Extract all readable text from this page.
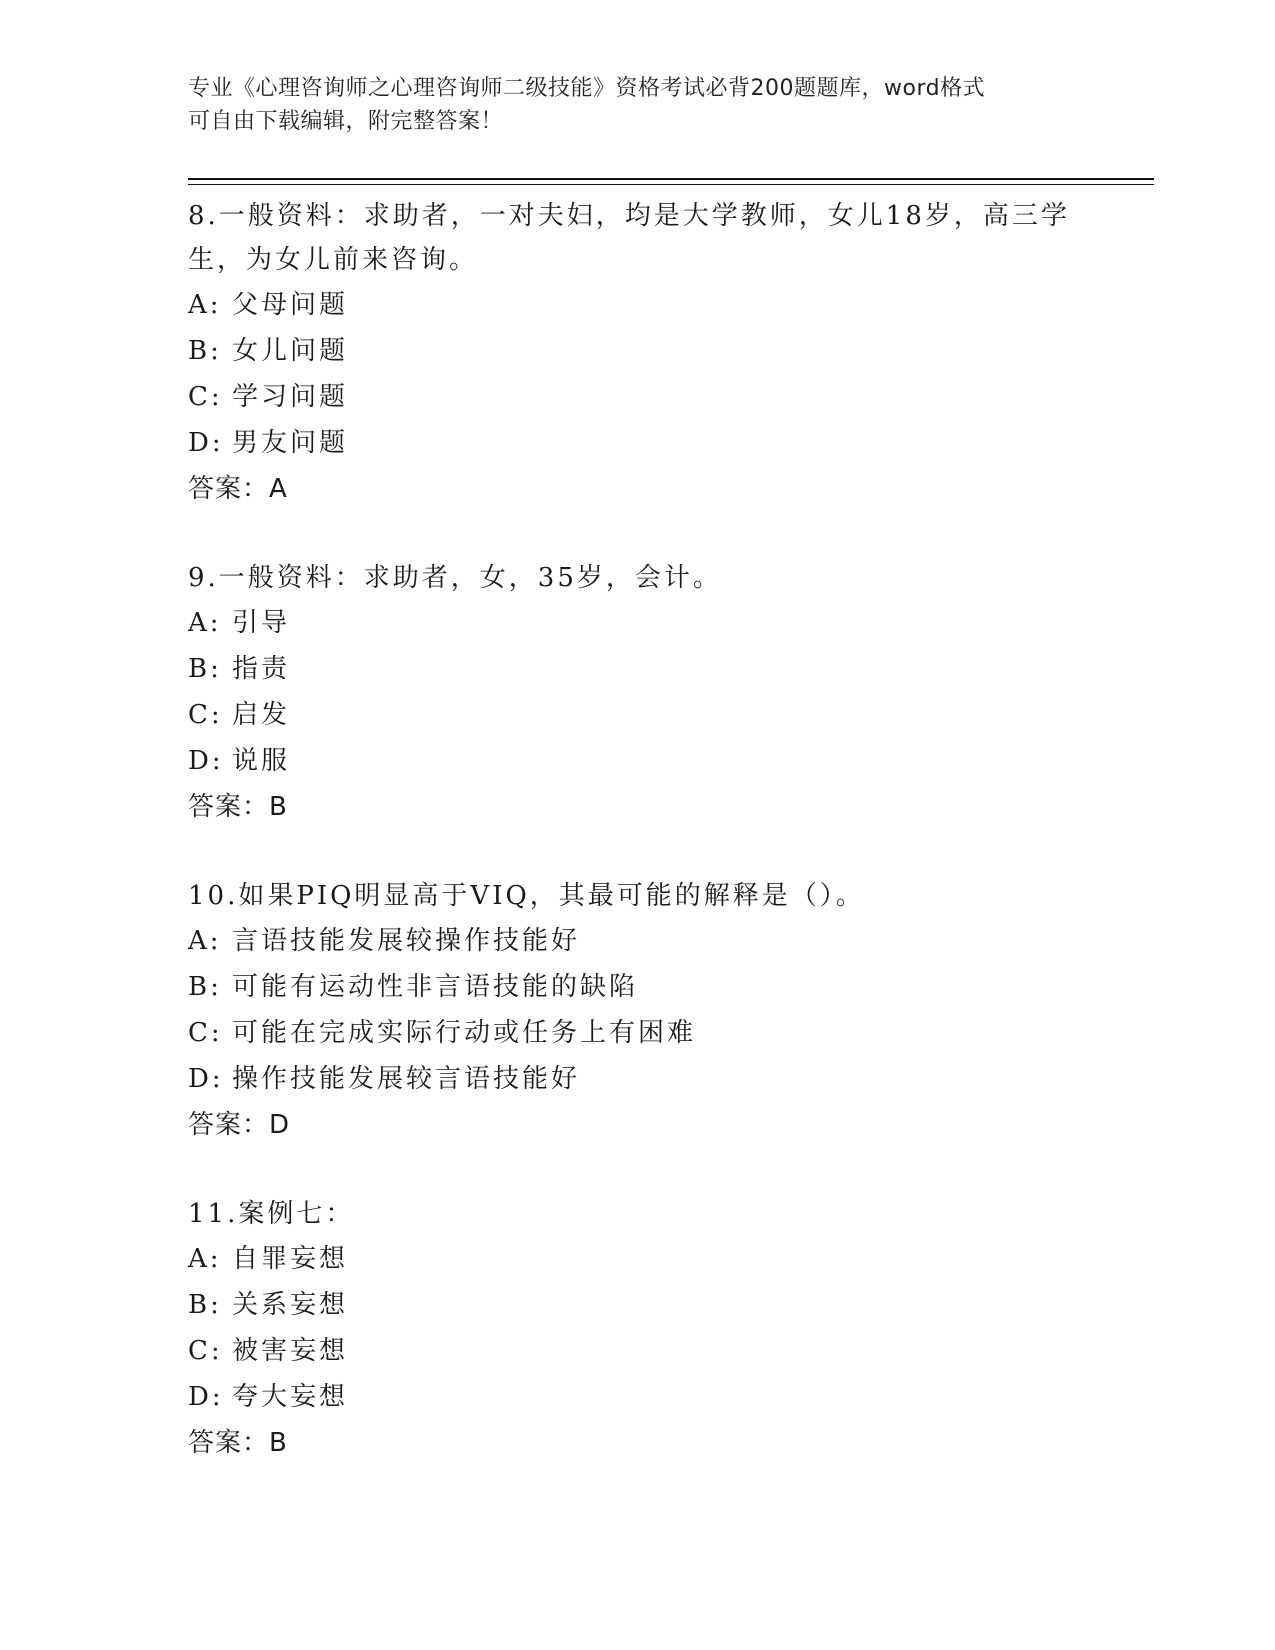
专业《心理咨询师之心理咨询师二级技能》资格考试必背200题题库，word格式
可自由下载编辑，附完整答案！

8.一般资料：求助者，一对夫妇，均是大学教师，女儿18岁，高三学

生，为女儿前来咨询。

A: 父母问题

B: 女儿问题

C: 学习问题

D: 男友问题

答案：A

9.一般资料：求助者，女，35岁，会计。

A: 引导

B: 指责

C: 启发

D: 说服

答案：B

10.如果PIQ明显高于VIQ，其最可能的解释是（）。

A: 言语技能发展较操作技能好

B: 可能有运动性非言语技能的缺陷

C: 可能在完成实际行动或任务上有困难

D: 操作技能发展较言语技能好

答案：D

11.案例七：

A: 自罪妄想

B: 关系妄想

C: 被害妄想

D: 夸大妄想

答案：B
